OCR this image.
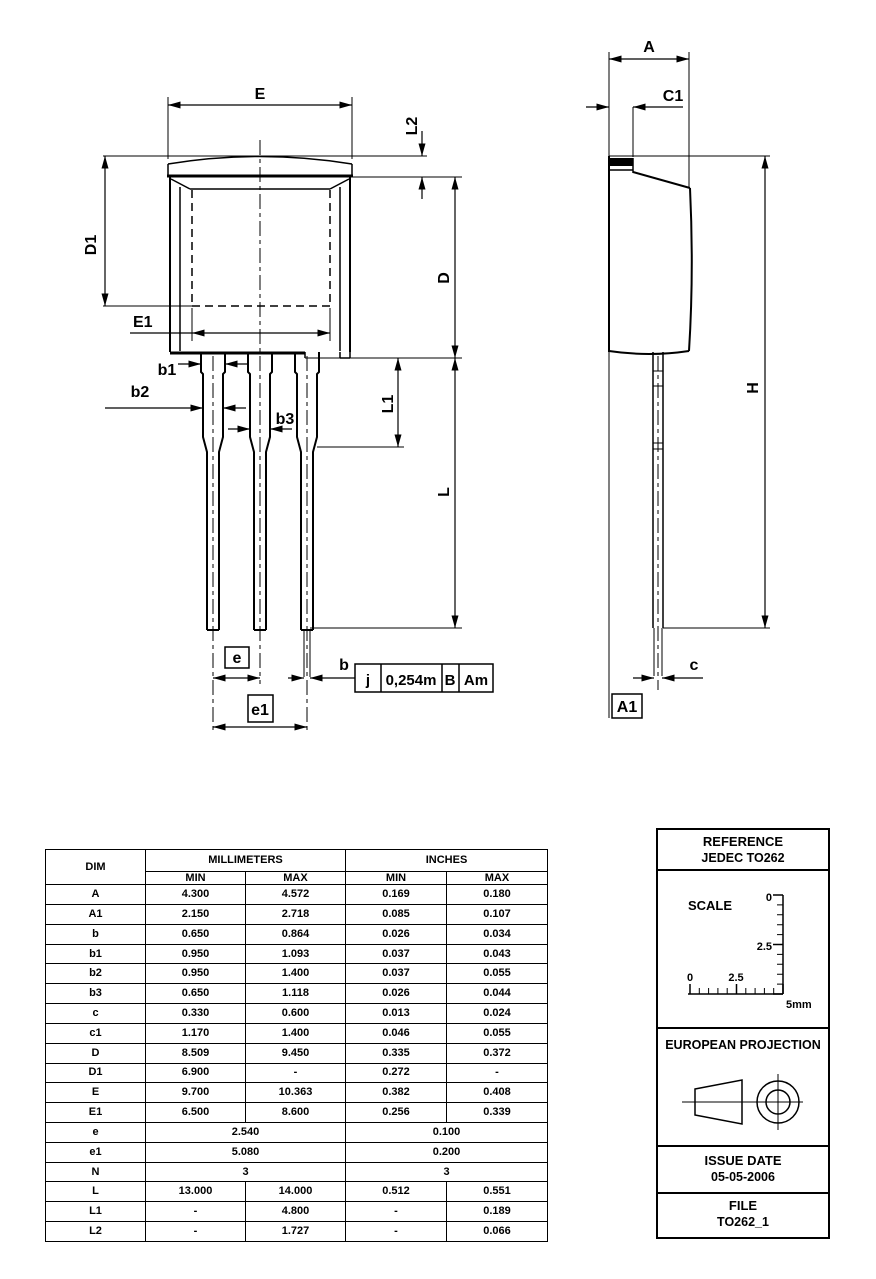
E
L2
D1
E1
D
L
L1
b1
b2
b3
e
e1
b
j 0,254m B Am
A
C1
H
c
A1
DIM	MILLIMETERS		INCHES	
	MIN	MAX	MIN	MAX
A	4.300	4.572	0.169	0.180
A1	2.150	2.718	0.085	0.107
b	0.650	0.864	0.026	0.034
b1	0.950	1.093	0.037	0.043
b2	0.950	1.400	0.037	0.055
b3	0.650	1.118	0.026	0.044
c	0.330	0.600	0.013	0.024
c1	1.170	1.400	0.046	0.055
D	8.509	9.450	0.335	0.372
D1	6.900	-	0.272	-
E	9.700	10.363	0.382	0.408
E1	6.500	8.600	0.256	0.339
e	2.540		0.100	
e1	5.080		0.200	
N	3		3	
L	13.000	14.000	0.512	0.551
L1	-	4.800	-	0.189
L2	-	1.727	-	0.066
REFERENCE
JEDEC TO262
SCALE	0
2.5
0	2.5
5mm
EUROPEAN PROJECTION
ISSUE DATE
05-05-2006
FILE
TO262_1
